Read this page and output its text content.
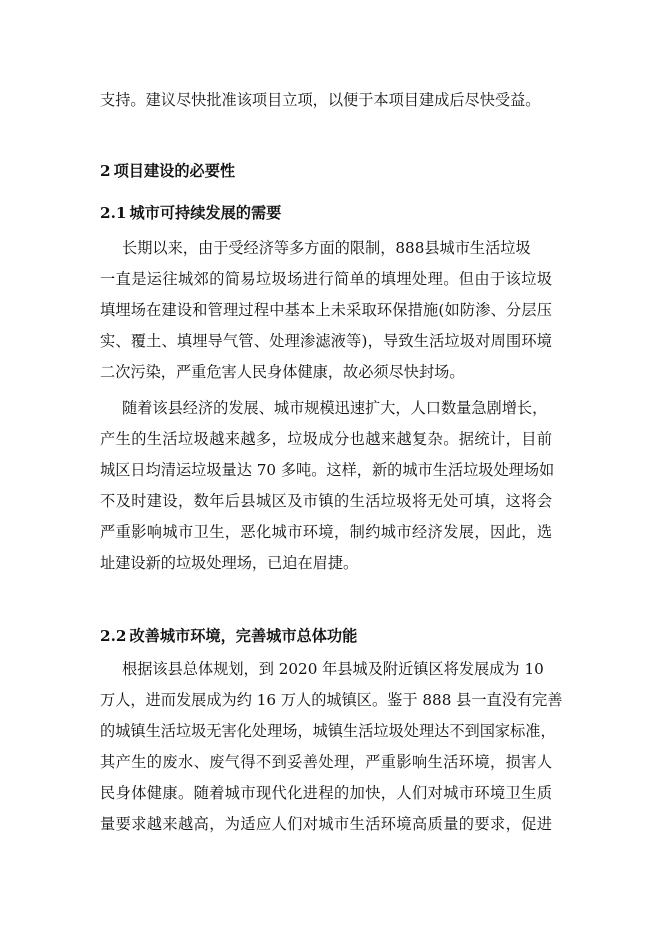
支持。建议尽快批准该项目立项，以便于本项目建成后尽快受益。
2 项目建设的必要性
2.1 城市可持续发展的需要
长期以来，由于受经济等多方面的限制，888县城市生活垃圾
一直是运往城郊的简易垃圾场进行简单的填埋处理。但由于该垃圾
填埋场在建设和管理过程中基本上未采取环保措施(如防渗、分层压
实、覆土、填埋导气管、处理渗滤液等)，导致生活垃圾对周围环境
二次污染，严重危害人民身体健康，故必须尽快封场。
随着该县经济的发展、城市规模迅速扩大，人口数量急剧增长，
产生的生活垃圾越来越多，垃圾成分也越来越复杂。据统计，目前
城区日均清运垃圾量达 70 多吨。这样，新的城市生活垃圾处理场如
不及时建设，数年后县城区及市镇的生活垃圾将无处可填，这将会
严重影响城市卫生，恶化城市环境，制约城市经济发展，因此，选
址建设新的垃圾处理场，已迫在眉捷。
2.2 改善城市环境，完善城市总体功能
根据该县总体规划，到 2020 年县城及附近镇区将发展成为 10
万人，进而发展成为约 16 万人的城镇区。鉴于 888 县一直没有完善
的城镇生活垃圾无害化处理场，城镇生活垃圾处理达不到国家标准，
其产生的废水、废气得不到妥善处理，严重影响生活环境，损害人
民身体健康。随着城市现代化进程的加快，人们对城市环境卫生质
量要求越来越高，为适应人们对城市生活环境高质量的要求，促进
